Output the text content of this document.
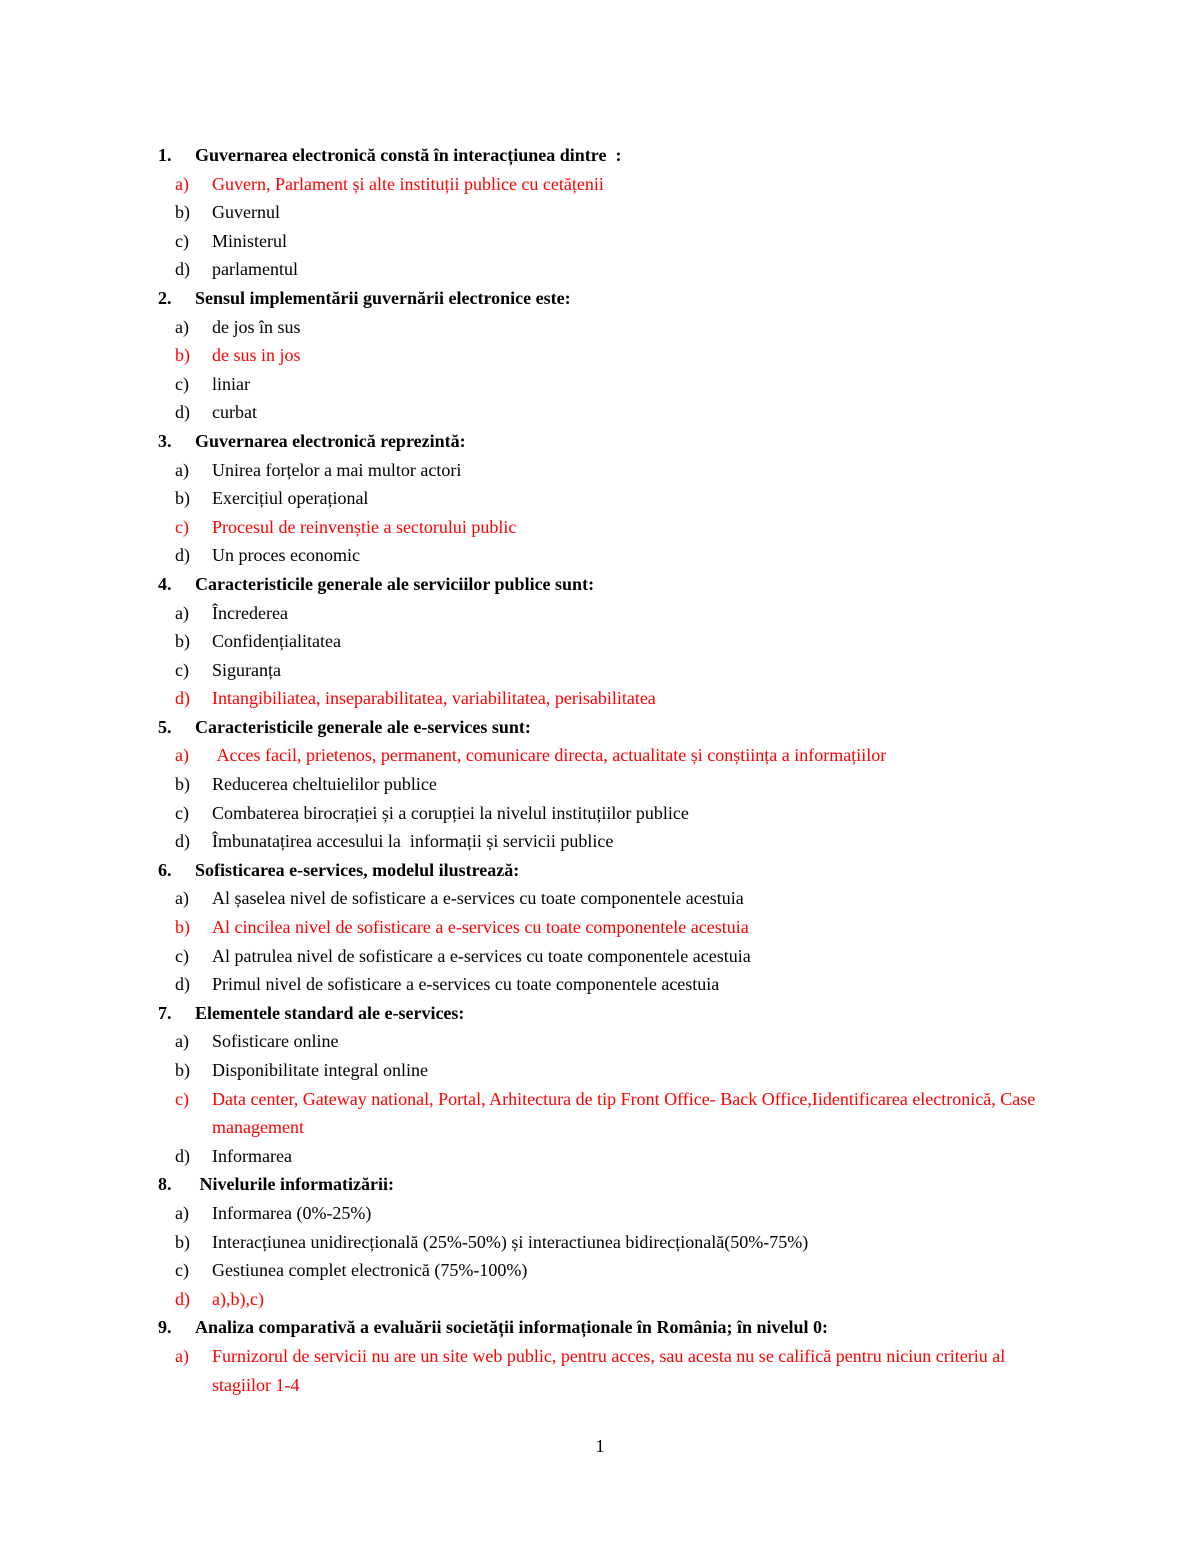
1.	Guvernarea electronică constă în interacțiunea dintre  :
a)	Guvern, Parlament și alte instituții publice cu cetățenii
b)	Guvernul
c)	Ministerul
d)	parlamentul
2.	Sensul implementării guvernării electronice este:
a)	de jos în sus
b)	de sus in jos
c)	liniar
d)	curbat
3.	Guvernarea electronică reprezintă:
a)	Unirea forțelor a mai multor actori
b)	Exercițiul operațional
c)	Procesul de reinvenștie a sectorului public
d)	Un proces economic
4.	Caracteristicile generale ale serviciilor publice sunt:
a)	Încrederea
b)	Confidențialitatea
c)	Siguranța
d)	Intangibiliatea, inseparabilitatea, variabilitatea, perisabilitatea
5.	Caracteristicile generale ale e-services sunt:
a)	Acces facil, prietenos, permanent, comunicare directa, actualitate și conștiința a informațiilor
b)	Reducerea cheltuielilor publice
c)	Combaterea birocrației și a corupției la nivelul instituțiilor publice
d)	Îmbunatațirea accesului la  informații și servicii publice
6.	Sofisticarea e-services, modelul ilustrează:
a)	Al șaselea nivel de sofisticare a e-services cu toate componentele acestuia
b)	Al cincilea nivel de sofisticare a e-services cu toate componentele acestuia
c)	Al patrulea nivel de sofisticare a e-services cu toate componentele acestuia
d)	Primul nivel de sofisticare a e-services cu toate componentele acestuia
7.	Elementele standard ale e-services:
a)	Sofisticare online
b)	Disponibilitate integral online
c)	Data center, Gateway national, Portal, Arhitectura de tip Front Office- Back Office,Iidentificarea electronică, Case management
d)	Informarea
8.	Nivelurile informatizării:
a)	Informarea (0%-25%)
b)	Interacțiunea unidirecțională (25%-50%) și interactiunea bidirecțională(50%-75%)
c)	Gestiunea complet electronică (75%-100%)
d)	a),b),c)
9.	Analiza comparativă a evaluării societății informaționale în România; în nivelul 0:
a)	Furnizorul de servicii nu are un site web public, pentru acces, sau acesta nu se califică pentru niciun criteriu al stagiilor 1-4
1
